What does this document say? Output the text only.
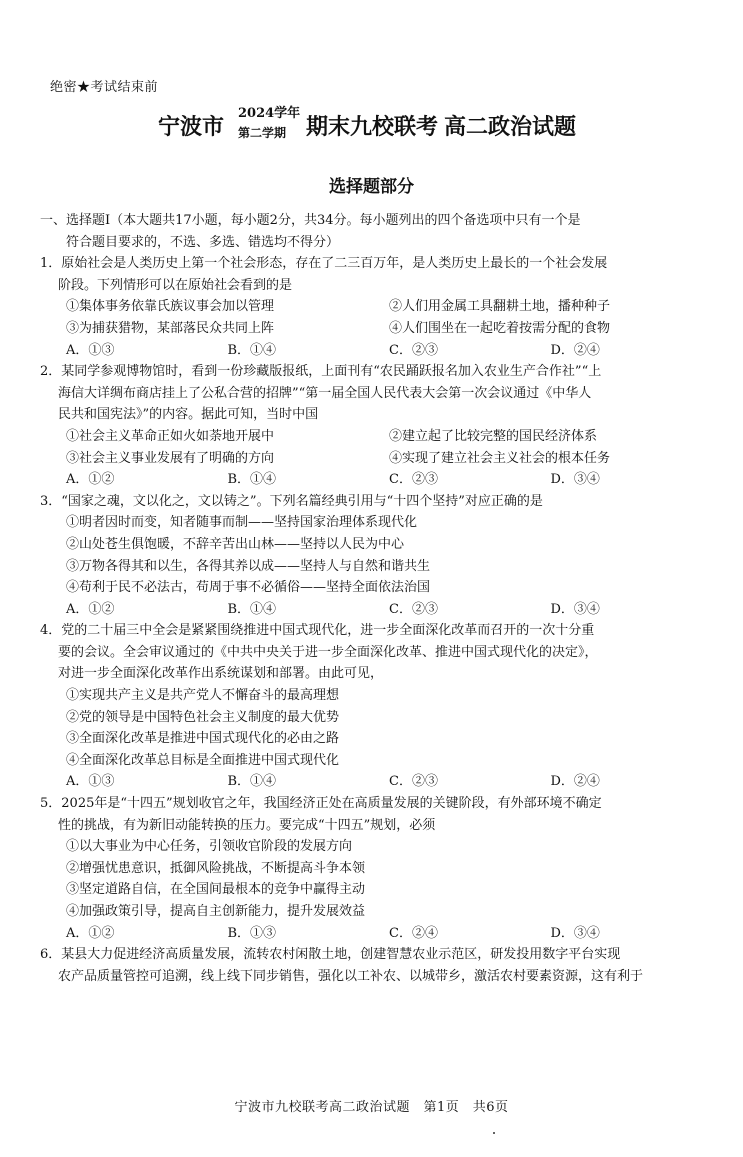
绝密★考试结束前
宁波市
2024学年
第二学期 期末九校联考 高二政治试题
选择题部分

一、选择题Ⅰ（本大题共17小题，每小题2分，共34分。每小题列出的四个备选项中只有一个是

符合题目要求的，不选、多选、错选均不得分）

1．原始社会是人类历史上第一个社会形态，存在了二三百万年，是人类历史上最长的一个社会发展

阶段。下列情形可以在原始社会看到的是

①集体事务依靠氏族议事会加以管理	②人们用金属工具翻耕土地，播种种子
③为捕获猎物，某部落民众共同上阵	④人们围坐在一起吃着按需分配的食物
A．①③	B．①④	C．②③	D．②④

2．某同学参观博物馆时，看到一份珍藏版报纸，上面刊有“农民踊跃报名加入农业生产合作社”“上

海信大详绸布商店挂上了公私合营的招牌”“第一届全国人民代表大会第一次会议通过《中华人

民共和国宪法》”的内容。据此可知，当时中国

①社会主义革命正如火如荼地开展中	②建立起了比较完整的国民经济体系
③社会主义事业发展有了明确的方向	④实现了建立社会主义社会的根本任务
A．①②	B．①④	C．②③	D．③④

3．“国家之魂，文以化之，文以铸之”。下列名篇经典引用与“十四个坚持”对应正确的是

①明者因时而变，知者随事而制——坚持国家治理体系现代化

②山处苍生俱饱暖，不辞辛苦出山林——坚持以人民为中心

③万物各得其和以生，各得其养以成——坚持人与自然和谐共生

④苟利于民不必法古，苟周于事不必循俗——坚持全面依法治国

A．①②	B．①④	C．②③	D．③④

4．党的二十届三中全会是紧紧围绕推进中国式现代化，进一步全面深化改革而召开的一次十分重

要的会议。全会审议通过的《中共中央关于进一步全面深化改革、推进中国式现代化的决定》，

对进一步全面深化改革作出系统谋划和部署。由此可见，

①实现共产主义是共产党人不懈奋斗的最高理想

②党的领导是中国特色社会主义制度的最大优势

③全面深化改革是推进中国式现代化的必由之路

④全面深化改革总目标是全面推进中国式现代化

A．①③	B．①④	C．②③	D．②④

5．2025年是“十四五”规划收官之年，我国经济正处在高质量发展的关键阶段，有外部环境不确定

性的挑战，有为新旧动能转换的压力。要完成“十四五”规划，必须

①以大事业为中心任务，引领收官阶段的发展方向

②增强忧患意识，抵御风险挑战，不断提高斗争本领

③坚定道路自信，在全国间最根本的竞争中赢得主动

④加强政策引导，提高自主创新能力，提升发展效益

A．①②	B．①③	C．②④	D．③④

6．某县大力促进经济高质量发展，流转农村闲散土地，创建智慧农业示范区，研发投用数字平台实现

农产品质量管控可追溯，线上线下同步销售，强化以工补农、以城带乡，激活农村要素资源，这有利于

宁波市九校联考高二政治试题　第1页　共6页
